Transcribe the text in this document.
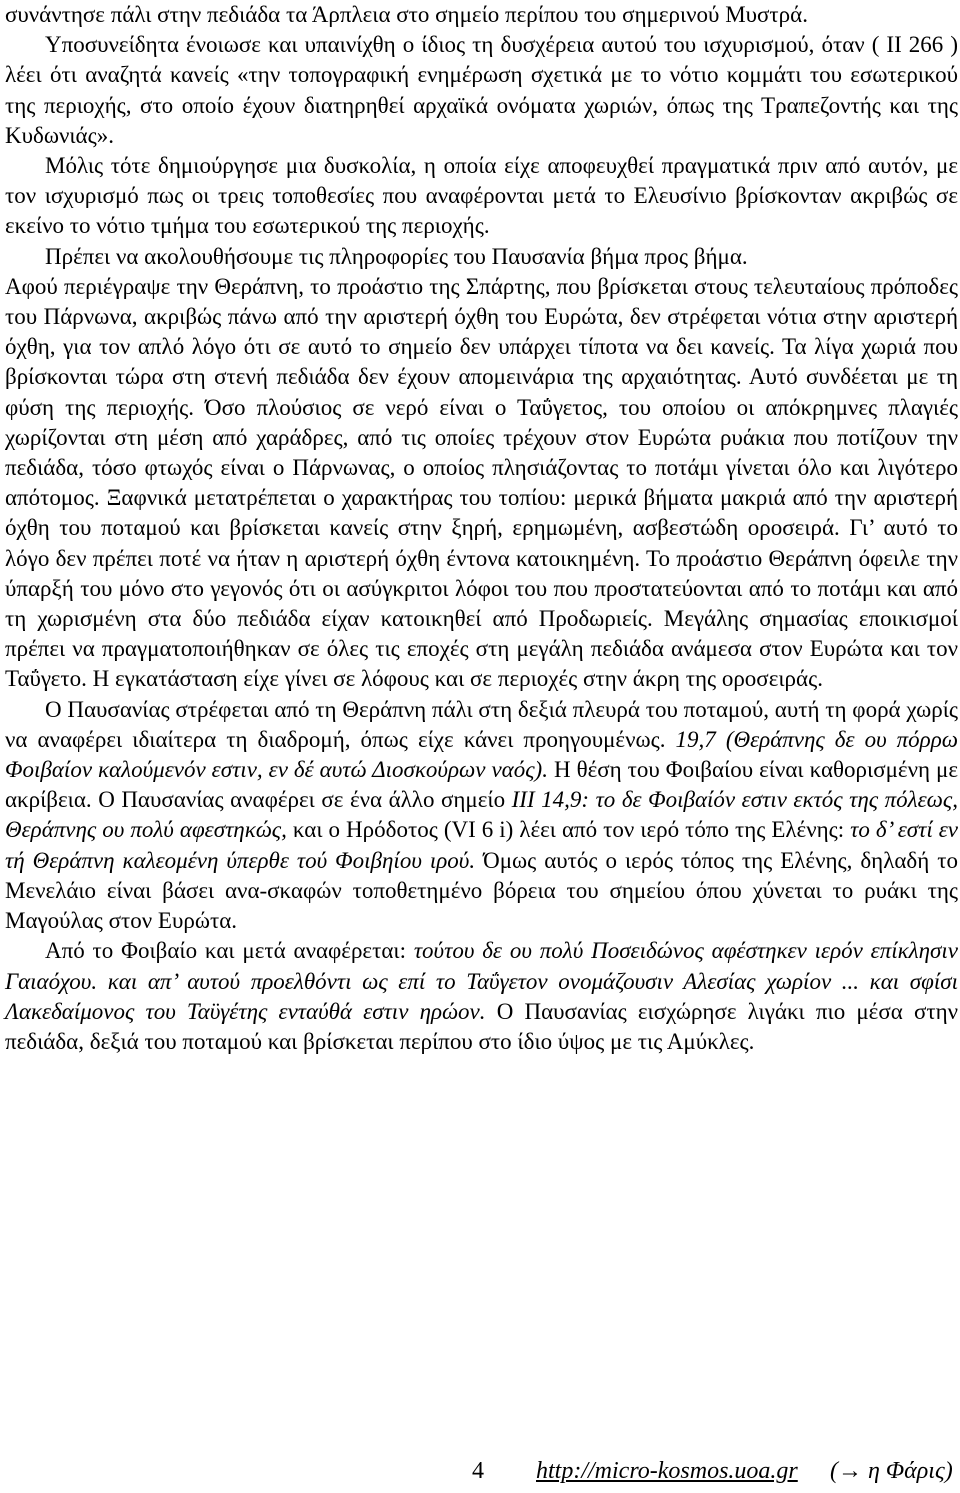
συνάντησε πάλι στην πεδιάδα τα Άρπλεια στο σημείο περίπου του σημερινού Μυστρά.
Υποσυνείδητα ένοιωσε και υπαινίχθη ο ίδιος τη δυσχέρεια αυτού του ισχυρισμού, όταν ( II 266 ) λέει ότι αναζητά κανείς «την τοπογραφική ενημέρωση σχετικά με το νότιο κομμάτι του εσωτερικού της περιοχής, στο οποίο έχουν διατηρηθεί αρχαϊκά ονόματα χωριών, όπως της Τραπεζοντής και της Κυδωνιάς».
Μόλις τότε δημιούργησε μια δυσκολία, η οποία είχε αποφευχθεί πραγματικά πριν από αυτόν, με τον ισχυρισμό πως οι τρεις τοποθεσίες που αναφέρονται μετά το Ελευσίνιο βρίσκονταν ακριβώς σε εκείνο το νότιο τμήμα του εσωτερικού της περιοχής.
Πρέπει να ακολουθήσουμε τις πληροφορίες του Παυσανία βήμα προς βήμα.
Αφού περιέγραψε την Θεράπνη, το προάστιο της Σπάρτης, που βρίσκεται στους τελευταίους πρόποδες του Πάρνωνα, ακριβώς πάνω από την αριστερή όχθη του Ευρώτα, δεν στρέφεται νότια στην αριστερή όχθη, για τον απλό λόγο ότι σε αυτό το σημείο δεν υπάρχει τίποτα να δει κανείς. Τα λίγα χωριά που βρίσκονται τώρα στη στενή πεδιάδα δεν έχουν απομεινάρια της αρχαιότητας. Αυτό συνδέεται με τη φύση της περιοχής. Όσο πλούσιος σε νερό είναι ο Ταΰγετος, του οποίου οι απόκρημνες πλαγιές χωρίζονται στη μέση από χαράδρες, από τις οποίες τρέχουν στον Ευρώτα ρυάκια που ποτίζουν την πεδιάδα, τόσο φτωχός είναι ο Πάρνωνας, ο οποίος πλησιάζοντας το ποτάμι γίνεται όλο και λιγότερο απότομος. Ξαφνικά μετατρέπεται ο χαρακτήρας του τοπίου: μερικά βήματα μακριά από την αριστερή όχθη του ποταμού και βρίσκεται κανείς στην ξηρή, ερημωμένη, ασβεστώδη οροσειρά. Γι’ αυτό το λόγο δεν πρέπει ποτέ να ήταν η αριστερή όχθη έντονα κατοικημένη. Το προάστιο Θεράπνη όφειλε την ύπαρξή του μόνο στο γεγονός ότι οι ασύγκριτοι λόφοι του που προστατεύονται από το ποτάμι και από τη χωρισμένη στα δύο πεδιάδα είχαν κατοικηθεί από Προδωριείς. Μεγάλης σημασίας εποικισμοί πρέπει να πραγματοποιήθηκαν σε όλες τις εποχές στη μεγάλη πεδιάδα ανάμεσα στον Ευρώτα και τον Ταΰγετο. Η εγκατάσταση είχε γίνει σε λόφους και σε περιοχές στην άκρη της οροσειράς.

Ο Παυσανίας στρέφεται από τη Θεράπνη πάλι στη δεξιά πλευρά του ποταμού, αυτή τη φορά χωρίς να αναφέρει ιδιαίτερα τη διαδρομή, όπως είχε κάνει προηγουμένως. 19,7 (Θεράπνης δε ου πόρρω Φοιβαίον καλούμενόν εστιν, εν δέ αυτώ Διοσκούρων ναός). Η θέση του Φοιβαίου είναι καθορισμένη με ακρίβεια. Ο Παυσανίας αναφέρει σε ένα άλλο σημείο III 14,9: το δε Φοιβαίόν εστιν εκτός της πόλεως, Θεράπνης ου πολύ αφεστηκώς, και ο Ηρόδοτος (VI 6 i) λέει από τον ιερό τόπο της Ελένης: το δ’ εστί εν τή Θεράπνη καλεομένη ύπερθε τού Φοιβηίου ιρού. Όμως αυτός ο ιερός τόπος της Ελένης, δηλαδή το Μενελάιο είναι βάσει ανα-σκαφών τοποθετημένο βόρεια του σημείου όπου χύνεται το ρυάκι της Μαγούλας στον Ευρώτα.

Από το Φοιβαίο και μετά αναφέρεται: τούτου δε ου πολύ Ποσειδώνος αφέστηκεν ιερόν επίκλησιν Γαιαόχου. και απ’ αυτού προελθόντι ως επί το Ταΰγετον ονομάζουσιν Αλεσίας χωρίον ... και σφίσι Λακεδαίμονος του Ταϋγέτης ενταύθά εστιν ηρώον. Ο Παυσανίας εισχώρησε λιγάκι πιο μέσα στην πεδιάδα, δεξιά του ποταμού και βρίσκεται περίπου στο ίδιο ύψος με τις Αμύκλες.

4 http://micro-kosmos.uoa.gr (→ η Φάρις)
